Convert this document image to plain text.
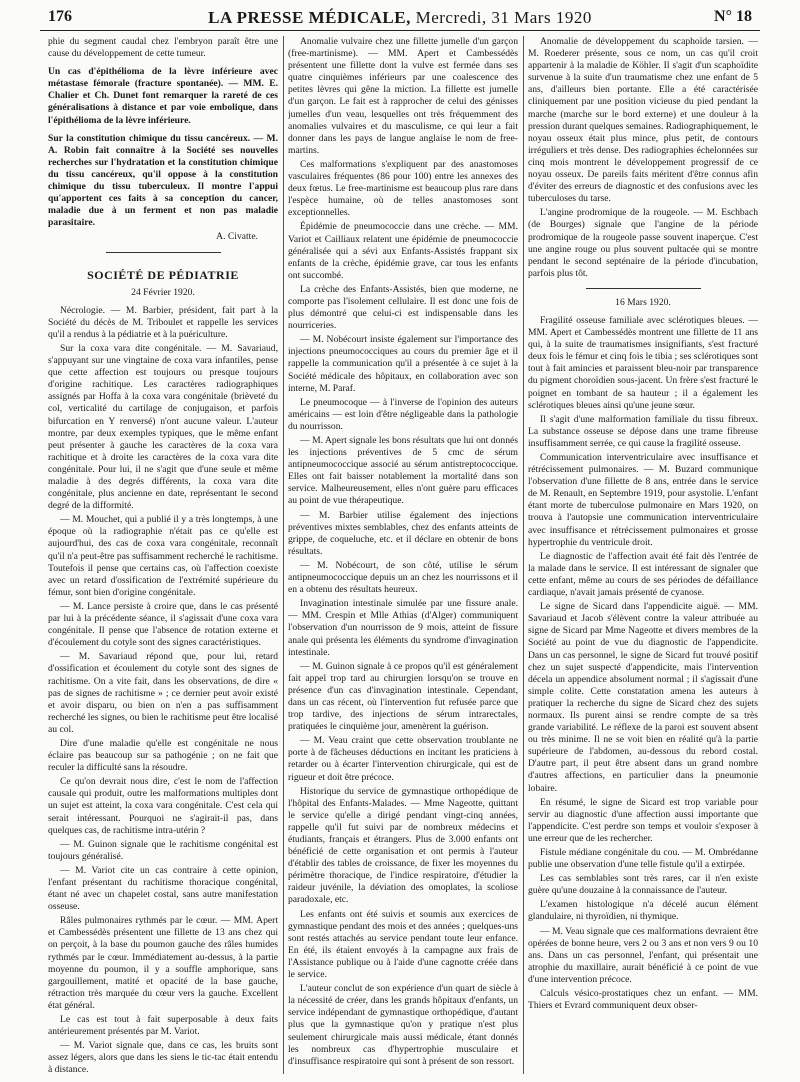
176	LA PRESSE MÉDICALE, Mercredi, 31 Mars 1920	N° 18

phie du segment caudal chez l'embryon paraît être une cause du développement de cette tumeur.

Un cas d'épithélioma de la lèvre inférieure avec métastase fémorale (fracture spontanée). — MM. E. Chalier et Ch. Dunet font remarquer la rareté de ces généralisations à distance et par voie embolique, dans l'épithélioma de la lèvre inférieure.

Sur la constitution chimique du tissu cancéreux. — M. A. Robin fait connaître à la Société ses nouvelles recherches sur l'hydratation et la constitution chimique du tissu cancéreux, qu'il oppose à la constitution chimique du tissu tuberculeux. Il montre l'appui qu'apportent ces faits à sa conception du cancer, maladie due à un ferment et non pas maladie parasitaire.

A. Civatte.

SOCIÉTÉ DE PÉDIATRIE
24 Février 1920.

Nécrologie. — M. Barbier, président, fait part à la Société du décès de M. Triboulet et rappelle les services qu'il a rendus à la pédiatrie et à la puériculture.

Sur la coxa vara dite congénitale. — M. Savariaud, s'appuyant sur une vingtaine de coxa vara infantiles, pense que cette affection est toujours ou presque toujours d'origine rachitique. Les caractères radiographiques assignés par Hoffa à la coxa vara congénitale (brièveté du col, verticalité du cartilage de conjugaison, et parfois bifurcation en Y renversé) n'ont aucune valeur. L'auteur montre, par deux exemples typiques, que le même enfant peut présenter à gauche les caractères de la coxa vara rachitique et à droite les caractères de la coxa vara dite congénitale. Pour lui, il ne s'agit que d'une seule et même maladie à des degrés différents, la coxa vara dite congénitale, plus ancienne en date, représentant le second degré de la difformité.

— M. Mouchet, qui a publié il y a très longtemps, à une époque où la radiographie n'était pas ce qu'elle est aujourd'hui, des cas de coxa vara congénitale, reconnaît qu'il n'a peut-être pas suffisamment recherché le rachitisme. Toutefois il pense que certains cas, où l'affection coexiste avec un retard d'ossification de l'extrémité supérieure du fémur, sont bien d'origine congénitale.

— M. Lance persiste à croire que, dans le cas présenté par lui à la précédente séance, il s'agissait d'une coxa vara congénitale. Il pense que l'absence de rotation externe et d'écoulement du cotyle sont des signes caractéristiques.

— M. Savariaud répond que, pour lui, retard d'ossification et écoulement du cotyle sont des signes de rachitisme. On a vite fait, dans les observations, de dire « pas de signes de rachitisme » ; ce dernier peut avoir existé et avoir disparu, ou bien on n'en a pas suffisamment recherché les signes, ou bien le rachitisme peut être localisé au col.

Dire d'une maladie qu'elle est congénitale ne nous éclaire pas beaucoup sur sa pathogénie ; on ne fait que reculer la difficulté sans la résoudre.

Ce qu'on devrait nous dire, c'est le nom de l'affection causale qui produit, outre les malformations multiples dont un sujet est atteint, la coxa vara congénitale. C'est cela qui serait intéressant. Pourquoi ne s'agirait-il pas, dans quelques cas, de rachitisme intra-utérin ?

— M. Guinon signale que le rachitisme congénital est toujours généralisé.

— M. Variot cite un cas contraire à cette opinion, l'enfant présentant du rachitisme thoracique congénital, étant né avec un chapelet costal, sans autre manifestation osseuse.

Râles pulmonaires rythmés par le cœur. — MM. Apert et Cambessédès présentent une fillette de 13 ans chez qui on perçoit, à la base du poumon gauche des râles humides rythmés par le cœur. Immédiatement au-dessus, à la partie moyenne du poumon, il y a souffle amphorique, sans gargouillement, matité et opacité de la base gauche, rétraction très marquée du cœur vers la gauche. Excellent état général.

Le cas est tout à fait superposable à deux faits antérieurement présentés par M. Variot.

— M. Variot signale que, dans ce cas, les bruits sont assez légers, alors que dans les siens le tic-tac était entendu à distance.

Anomalie vulvaire chez une fillette jumelle d'un garçon (free-martinisme). — MM. Apert et Cambessédès présentent une fillette dont la vulve est fermée dans ses quatre cinquièmes inférieurs par une coalescence des petites lèvres qui gêne la miction. La fillette est jumelle d'un garçon. Le fait est à rapprocher de celui des génisses jumelles d'un veau, lesquelles ont très fréquemment des anomalies vulvaires et du masculisme, ce qui leur a fait donner dans les pays de langue anglaise le nom de free-martins.

Ces malformations s'expliquent par des anastomoses vasculaires fréquentes (86 pour 100) entre les annexes des deux fœtus. Le free-martinisme est beaucoup plus rare dans l'espèce humaine, où de telles anastomoses sont exceptionnelles.

Épidémie de pneumococcie dans une crèche. — MM. Variot et Cailliaux relatent une épidémie de pneumococcie généralisée qui a sévi aux Enfants-Assistés frappant six enfants de la crèche, épidémie grave, car tous les enfants ont succombé.

La crèche des Enfants-Assistés, bien que moderne, ne comporte pas l'isolement cellulaire. Il est donc une fois de plus démontré que celui-ci est indispensable dans les nourriceries.

— M. Nobécourt insiste également sur l'importance des injections pneumococciques au cours du premier âge et il rappelle la communication qu'il a présentée à ce sujet à la Société médicale des hôpitaux, en collaboration avec son interne, M. Paraf.

Le pneumocoque — à l'inverse de l'opinion des auteurs américains — est loin d'être négligeable dans la pathologie du nourrisson.

— M. Apert signale les bons résultats que lui ont donnés les injections préventives de 5 cmc de sérum antipneumococcique associé au sérum antistreptococcique. Elles ont fait baisser notablement la mortalité dans son service. Malheureusement, elles n'ont guère paru efficaces au point de vue thérapeutique.

— M. Barbier utilise également des injections préventives mixtes semblables, chez des enfants atteints de grippe, de coqueluche, etc. et il déclare en obtenir de bons résultats.

— M. Nobécourt, de son côté, utilise le sérum antipneumococcique depuis un an chez les nourrissons et il en a obtenu des résultats heureux.

Invagination intestinale simulée par une fissure anale. — MM. Crespin et Mlle Athias (d'Alger) communiquent l'observation d'un nourrisson de 9 mois, atteint de fissure anale qui présenta les éléments du syndrome d'invagination intestinale.

— M. Guinon signale à ce propos qu'il est généralement fait appel trop tard au chirurgien lorsqu'on se trouve en présence d'un cas d'invagination intestinale. Cependant, dans un cas récent, où l'intervention fut refusée parce que trop tardive, des injections de sérum intrarectales, pratiquées le cinquième jour, amenèrent la guérison.

— M. Veau craint que cette observation troublante ne porte à de fâcheuses déductions en incitant les praticiens à retarder ou à écarter l'intervention chirurgicale, qui est de rigueur et doit être précoce.

Historique du service de gymnastique orthopédique de l'hôpital des Enfants-Malades. — Mme Nageotte, quittant le service qu'elle a dirigé pendant vingt-cinq années, rappelle qu'il fut suivi par de nombreux médecins et étudiants, français et étrangers. Plus de 3.000 enfants ont bénéficié de cette organisation et ont permis à l'auteur d'établir des tables de croissance, de fixer les moyennes du périmètre thoracique, de l'indice respiratoire, d'étudier la raideur juvénile, la déviation des omoplates, la scoliose paradoxale, etc.

Les enfants ont été suivis et soumis aux exercices de gymnastique pendant des mois et des années ; quelques-uns sont restés attachés au service pendant toute leur enfance. En été, ils étaient envoyés à la campagne aux frais de l'Assistance publique ou à l'aide d'une cagnotte créée dans le service.

L'auteur conclut de son expérience d'un quart de siècle à la nécessité de créer, dans les grands hôpitaux d'enfants, un service indépendant de gymnastique orthopédique, d'autant plus que la gymnastique qu'on y pratique n'est plus seulement chirurgicale mais aussi médicale, étant donnés les nombreux cas d'hypertrophie musculaire et d'insuffisance respiratoire qui sont à présent de son ressort.

Anomalie de développement du scaphoïde tarsien. — M. Roederer présente, sous ce nom, un cas qu'il croit appartenir à la maladie de Köhler. Il s'agit d'un scaphoïdite survenue à la suite d'un traumatisme chez une enfant de 5 ans, d'ailleurs bien portante. Elle a été caractérisée cliniquement par une position vicieuse du pied pendant la marche (marche sur le bord externe) et une douleur à la pression durant quelques semaines. Radiographiquement, le noyau osseux était plus mince, plus petit, de contours irréguliers et très dense. Des radiographies échelonnées sur cinq mois montrent le développement progressif de ce noyau osseux. De pareils faits méritent d'être connus afin d'éviter des erreurs de diagnostic et des confusions avec les tuberculoses du tarse.

L'angine prodromique de la rougeole. — M. Eschbach (de Bourges) signale que l'angine de la période prodromique de la rougeole passe souvent inaperçue. C'est une angine rouge ou plus souvent pultacée qui se montre pendant le second septénaire de la période d'incubation, parfois plus tôt.

16 Mars 1920.

Fragilité osseuse familiale avec sclérotiques bleues. — MM. Apert et Cambessédès montrent une fillette de 11 ans qui, à la suite de traumatismes insignifiants, s'est fracturé deux fois le fémur et cinq fois le tibia ; ses sclérotiques sont tout à fait amincies et paraissent bleu-noir par transparence du pigment choroïdien sous-jacent. Un frère s'est fracturé le poignet en tombant de sa hauteur ; il a également les sclérotiques bleues ainsi qu'une jeune sœur.

Il s'agit d'une malformation familiale du tissu fibreux. La substance osseuse se dépose dans une trame fibreuse insuffisamment serrée, ce qui cause la fragilité osseuse.

Communication interventriculaire avec insuffisance et rétrécissement pulmonaires. — M. Buzard communique l'observation d'une fillette de 8 ans, entrée dans le service de M. Renault, en Septembre 1919, pour asystolie. L'enfant étant morte de tuberculose pulmonaire en Mars 1920, on trouva à l'autopsie une communication interventriculaire avec insuffisance et rétrécissement pulmonaires et grosse hypertrophie du ventricule droit.

Le diagnostic de l'affection avait été fait dès l'entrée de la malade dans le service. Il est intéressant de signaler que cette enfant, même au cours de ses périodes de défaillance cardiaque, n'avait jamais présenté de cyanose.

Le signe de Sicard dans l'appendicite aiguë. — MM. Savariaud et Jacob s'élèvent contre la valeur attribuée au signe de Sicard par Mme Nageotte et divers membres de la Société au point de vue du diagnostic de l'appendicite. Dans un cas personnel, le signe de Sicard fut trouvé positif chez un sujet suspecté d'appendicite, mais l'intervention décela un appendice absolument normal ; il s'agissait d'une simple colite. Cette constatation amena les auteurs à pratiquer la recherche du signe de Sicard chez des sujets normaux. Ils purent ainsi se rendre compte de sa très grande variabilité. Le réflexe de la paroi est souvent absent ou très minime. Il ne se voit bien en réalité qu'à la partie supérieure de l'abdomen, au-dessous du rebord costal. D'autre part, il peut être absent dans un grand nombre d'autres affections, en particulier dans la pneumonie lobaire.

En résumé, le signe de Sicard est trop variable pour servir au diagnostic d'une affection aussi importante que l'appendicite. C'est perdre son temps et vouloir s'exposer à une erreur que de les rechercher.

Fistule médiane congénitale du cou. — M. Ombrédanne publie une observation d'une telle fistule qu'il a extirpée.

Les cas semblables sont très rares, car il n'en existe guère qu'une douzaine à la connaissance de l'auteur.

L'examen histologique n'a décelé aucun élément glandulaire, ni thyroïdien, ni thymique.

— M. Veau signale que ces malformations devraient être opérées de bonne heure, vers 2 ou 3 ans et non vers 9 ou 10 ans. Dans un cas personnel, l'enfant, qui présentait une atrophie du maxillaire, aurait bénéficié à ce point de vue d'une intervention précoce.

Calculs vésico-prostatiques chez un enfant. — MM. Thiers et Evrard communiquent deux obser-
